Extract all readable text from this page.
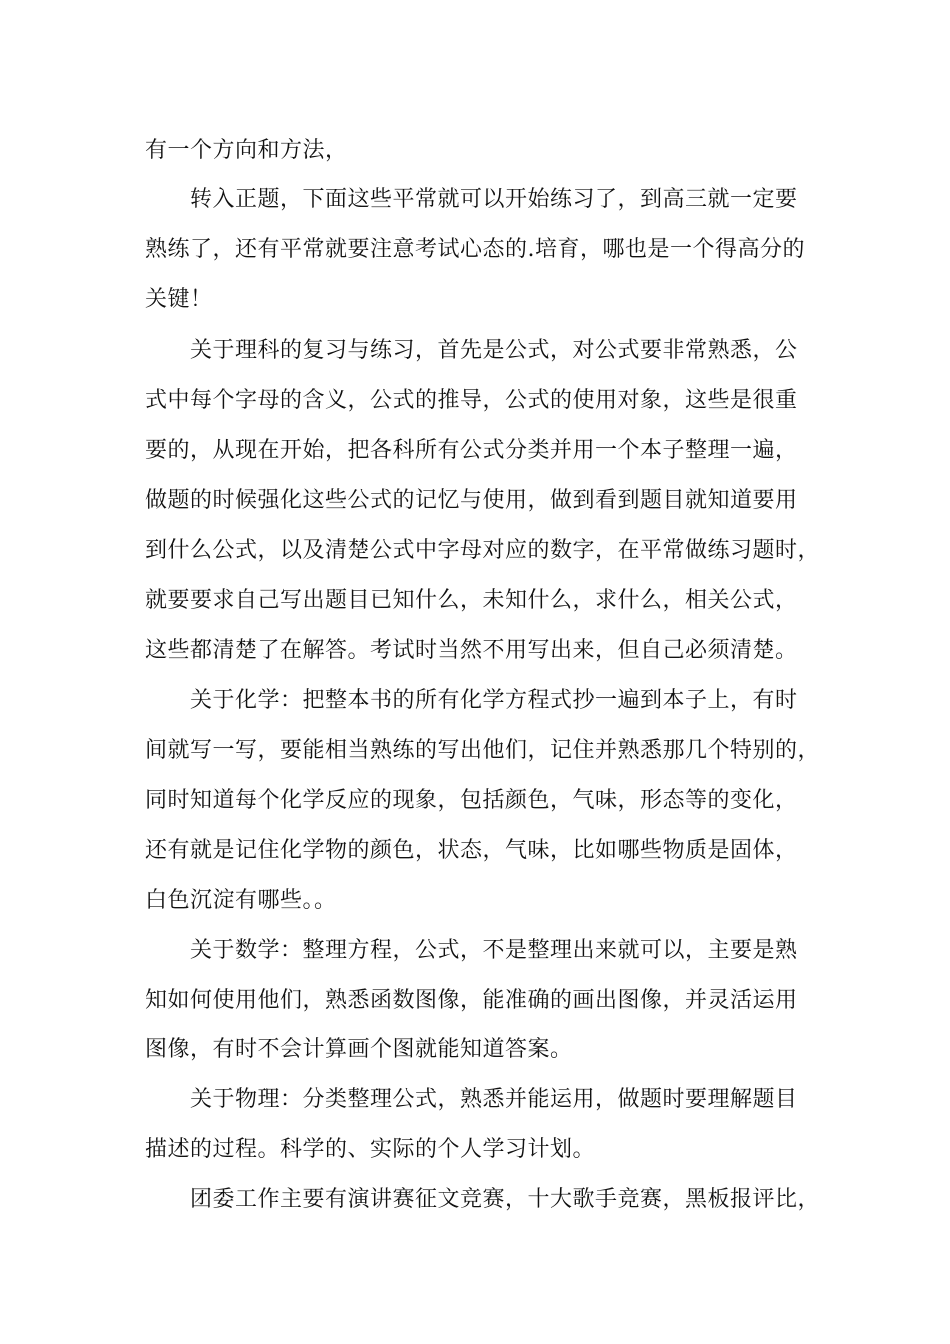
有一个方向和方法，
转入正题，下面这些平常就可以开始练习了，到高三就一定要
熟练了，还有平常就要注意考试心态的.培育，哪也是一个得高分的
关键！
关于理科的复习与练习，首先是公式，对公式要非常熟悉，公
式中每个字母的含义，公式的推导，公式的使用对象，这些是很重
要的，从现在开始，把各科所有公式分类并用一个本子整理一遍，
做题的时候强化这些公式的记忆与使用，做到看到题目就知道要用
到什么公式，以及清楚公式中字母对应的数字，在平常做练习题时，
就要要求自己写出题目已知什么，未知什么，求什么，相关公式，
这些都清楚了在解答。考试时当然不用写出来，但自己必须清楚。
关于化学：把整本书的所有化学方程式抄一遍到本子上，有时
间就写一写，要能相当熟练的写出他们，记住并熟悉那几个特别的，
同时知道每个化学反应的现象，包括颜色，气味，形态等的变化，
还有就是记住化学物的颜色，状态，气味，比如哪些物质是固体，
白色沉淀有哪些。。
关于数学：整理方程，公式，不是整理出来就可以，主要是熟
知如何使用他们，熟悉函数图像，能准确的画出图像，并灵活运用
图像，有时不会计算画个图就能知道答案。
关于物理：分类整理公式，熟悉并能运用，做题时要理解题目
描述的过程。科学的、实际的个人学习计划。
团委工作主要有演讲赛征文竞赛，十大歌手竞赛，黑板报评比，
